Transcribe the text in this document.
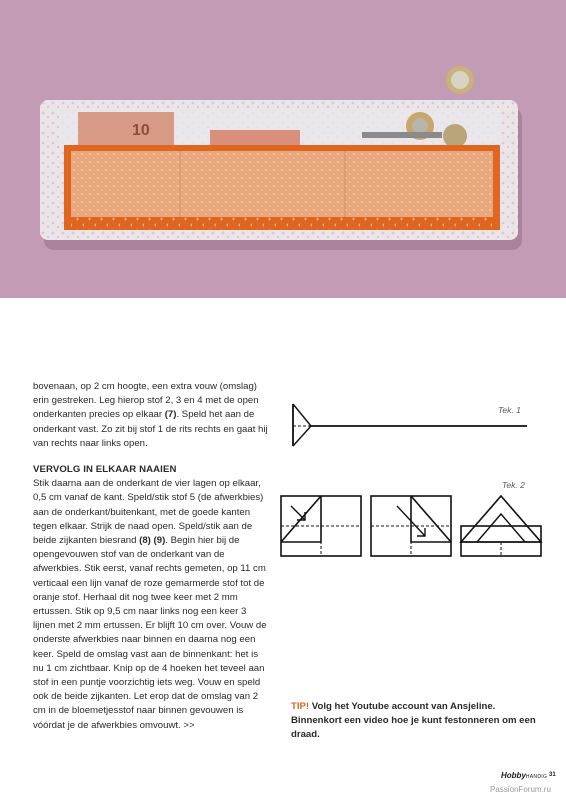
10

bovenaan, op 2 cm hoogte, een extra vouw (omslag) erin gestreken. Leg hierop stof 2, 3 en 4 met de open onderkanten precies op elkaar (7). Speld het aan de onderkant vast. Zo zit bij stof 1 de rits rechts en gaat hij van rechts naar links open.

VERVOLG IN ELKAAR NAAIEN

Stik daarna aan de onderkant de vier lagen op elkaar, 0,5 cm vanaf de kant. Speld/stik stof 5 (de afwerkbies) aan de onderkant/buitenkant, met de goede kanten tegen elkaar. Strijk de naad open. Speld/stik aan de beide zijkanten biesrand (8) (9). Begin hier bij de opengevouwen stof van de onderkant van de afwerkbies. Stik eerst, vanaf rechts gemeten, op 11 cm verticaal een lijn vanaf de roze gemarmerde stof tot de oranje stof. Herhaal dit nog twee keer met 2 mm ertussen. Stik op 9,5 cm naar links nog een keer 3 lijnen met 2 mm ertussen. Er blijft 10 cm over. Vouw de onderste afwerkbies naar binnen en daarna nog een keer. Speld de omslag vast aan de binnenkant: het is nu 1 cm zichtbaar. Knip op de 4 hoeken het teveel aan stof in een puntje voorzichtig iets weg. Vouw en speld ook de beide zijkanten. Let erop dat de omslag van 2 cm in de bloemetjesstof naar binnen gevouwen is vóórdat je de afwerkbies omvouwt. >>

Tek. 1
Tek. 2
TIP! Volg het Youtube account van Ansjeline. Binnenkort een video hoe je kunt festonneren om een draad.
HobbyHANDIG 31
PassionForum.ru
